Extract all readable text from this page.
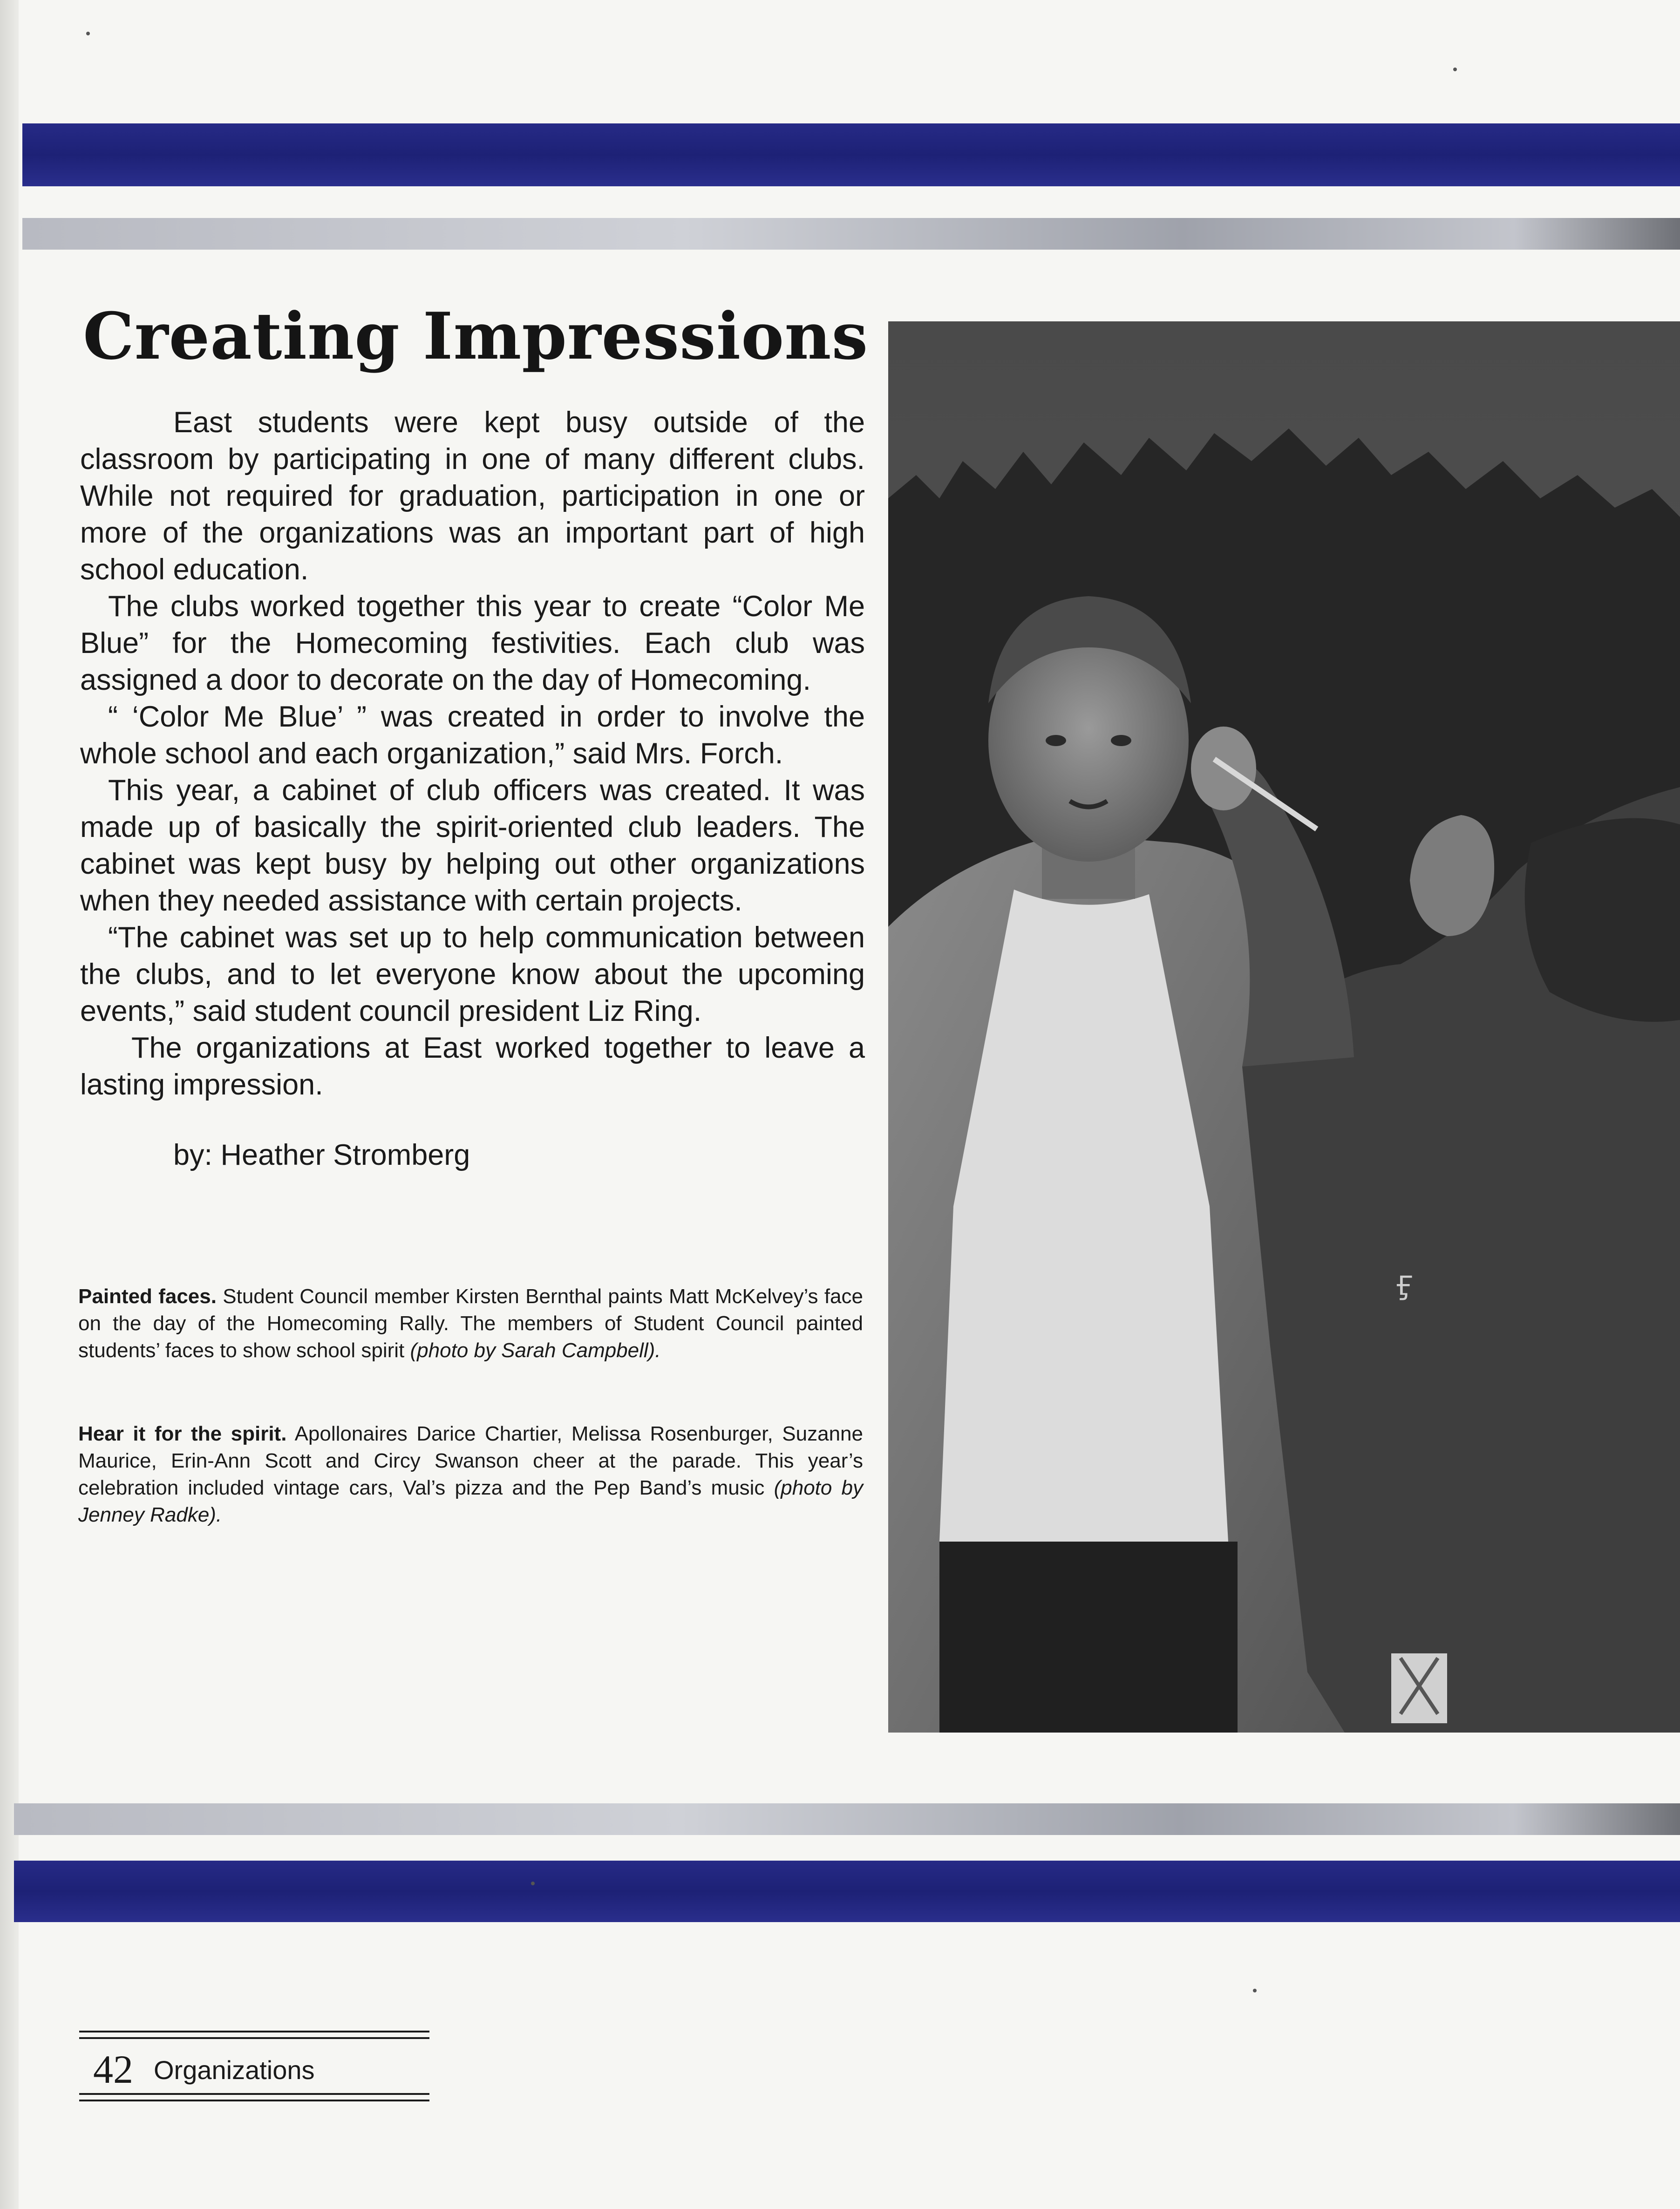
Creating Impressions

East students were kept busy outside of the classroom by participating in one of many different clubs. While not required for graduation, participation in one or more of the organizations was an important part of high school education.

The clubs worked together this year to create “Color Me Blue” for the Homecoming festivities. Each club was assigned a door to decorate on the day of Homecoming.

“ ‘Color Me Blue’ ” was created in order to involve the whole school and each organization,” said Mrs. Forch.

This year, a cabinet of club officers was created. It was made up of basically the spirit-oriented club leaders. The cabinet was kept busy by helping out other organizations when they needed assistance with certain projects.

“The cabinet was set up to help communication between the clubs, and to let everyone know about the upcoming events,” said student council president Liz Ring.

The organizations at East worked together to leave a lasting impression.

by: Heather Stromberg
Painted faces. Student Council member Kirsten Bernthal paints Matt McKelvey’s face on the day of the Homecoming Rally. The members of Student Council painted students’ faces to show school spirit (photo by Sarah Campbell).
Hear it for the spirit. Apollonaires Darice Chartier, Melissa Rosenburger, Suzanne Maurice, Erin-Ann Scott and Circy Swanson cheer at the parade. This year’s celebration included vintage cars, Val’s pizza and the Pep Band’s music (photo by Jenney Radke).
Ӻ

42 Organizations
